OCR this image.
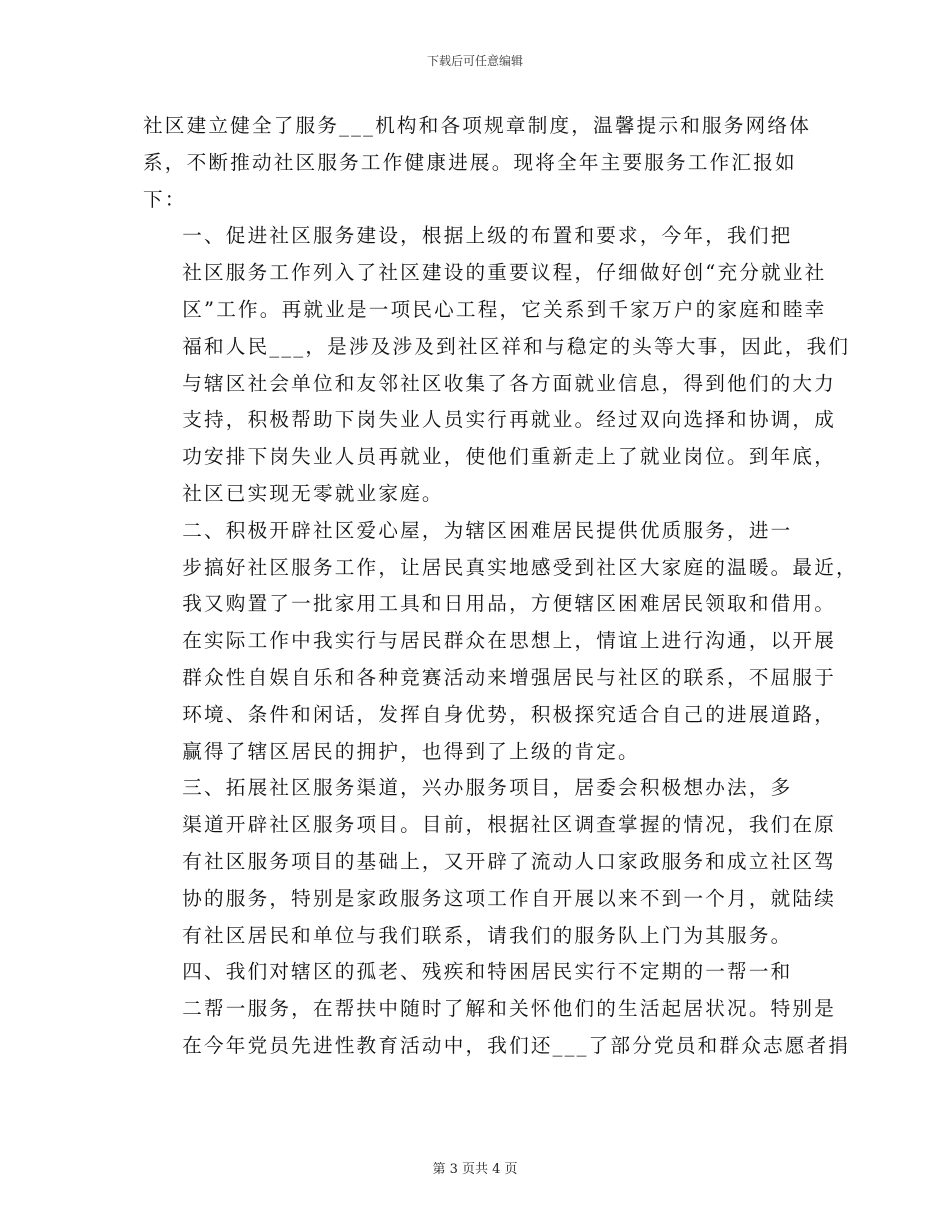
下载后可任意编辑

社区建立健全了服务___机构和各项规章制度，温馨提示和服务网络体
系，不断推动社区服务工作健康进展。现将全年主要服务工作汇报如
下：

一、促进社区服务建设，根据上级的布置和要求，今年，我们把
社区服务工作列入了社区建设的重要议程，仔细做好创“充分就业社
区”工作。再就业是一项民心工程，它关系到千家万户的家庭和睦幸
福和人民___，是涉及涉及到社区祥和与稳定的头等大事，因此，我们
与辖区社会单位和友邻社区收集了各方面就业信息，得到他们的大力
支持，积极帮助下岗失业人员实行再就业。经过双向选择和协调，成
功安排下岗失业人员再就业，使他们重新走上了就业岗位。到年底，
社区已实现无零就业家庭。

二、积极开辟社区爱心屋，为辖区困难居民提供优质服务，进一
步搞好社区服务工作，让居民真实地感受到社区大家庭的温暖。最近，
我又购置了一批家用工具和日用品，方便辖区困难居民领取和借用。
在实际工作中我实行与居民群众在思想上，情谊上进行沟通，以开展
群众性自娱自乐和各种竞赛活动来增强居民与社区的联系，不屈服于
环境、条件和闲话，发挥自身优势，积极探究适合自己的进展道路，
赢得了辖区居民的拥护，也得到了上级的肯定。

三、拓展社区服务渠道，兴办服务项目，居委会积极想办法，多
渠道开辟社区服务项目。目前，根据社区调查掌握的情况，我们在原
有社区服务项目的基础上，又开辟了流动人口家政服务和成立社区驾
协的服务，特别是家政服务这项工作自开展以来不到一个月，就陆续
有社区居民和单位与我们联系，请我们的服务队上门为其服务。

四、我们对辖区的孤老、残疾和特困居民实行不定期的一帮一和
二帮一服务，在帮扶中随时了解和关怀他们的生活起居状况。特别是
在今年党员先进性教育活动中，我们还___了部分党员和群众志愿者捐

第 3 页共 4 页
